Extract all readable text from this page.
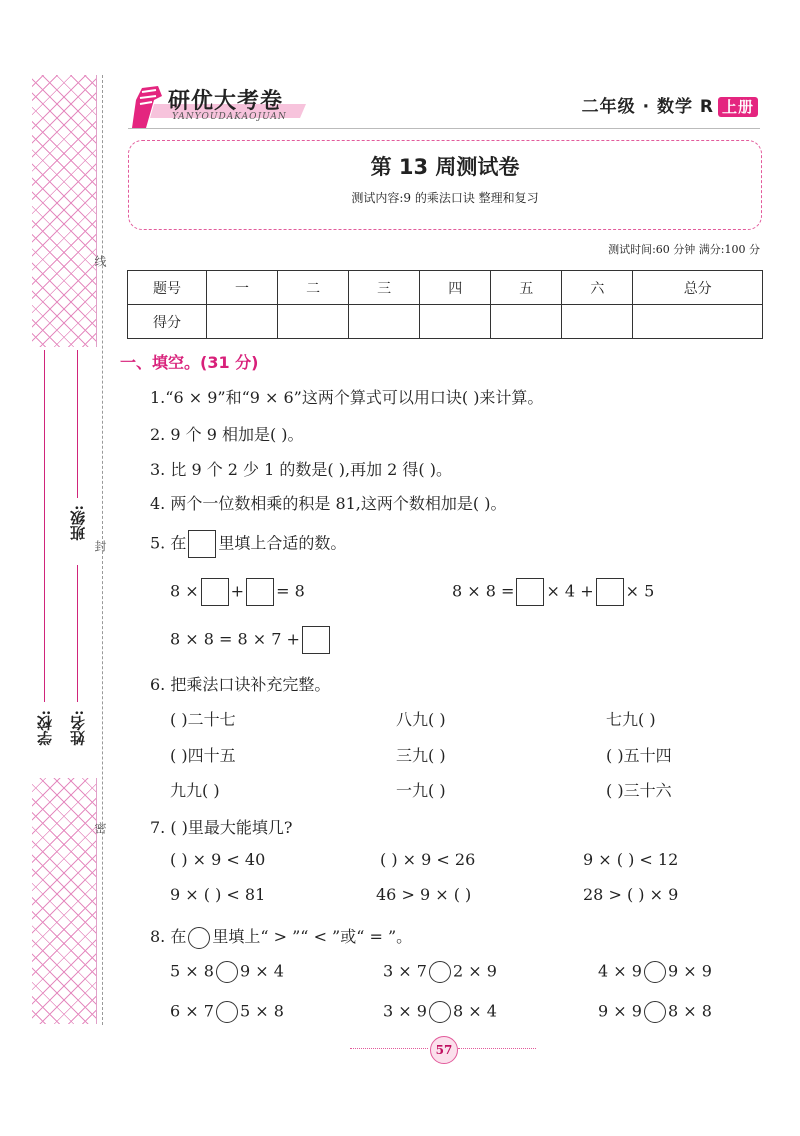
线
封
密
学校: 姓名:
班级:
研优大考卷
YANYOUDAKAOJUAN	二年级 · 数学 R 上册
第 13 周测试卷
测试内容:9 的乘法口诀 整理和复习
测试时间:60 分钟 满分:100 分
题号	一	二	三	四	五	六	总分
得分							
一、填空。(31 分)
1.“6 × 9”和“9 × 6”这两个算式可以用口诀( )来计算。
2. 9 个 9 相加是( )。
3. 比 9 个 2 少 1 的数是( ),再加 2 得( )。
4. 两个一位数相乘的积是 81,这两个数相加是( )。
5. 在 里填上合适的数。
8 × + = 8	8 × 8 = × 4 + × 5
8 × 8 = 8 × 7 +
6. 把乘法口诀补充完整。
( )二十七	八九( )	七九( )
( )四十五	三九( )	( )五十四
九九( )	一九( )	( )三十六
7. ( )里最大能填几?
( ) × 9 < 40	( ) × 9 < 26	9 × ( ) < 12
9 × ( ) < 81	46 > 9 × ( )	28 > ( ) × 9
8. 在 里填上“ > ”“ < ”或“ = ”。
5 × 8 9 × 4	3 × 7 2 × 9	4 × 9 9 × 9
6 × 7 5 × 8	3 × 9 8 × 4	9 × 9 8 × 8
57
